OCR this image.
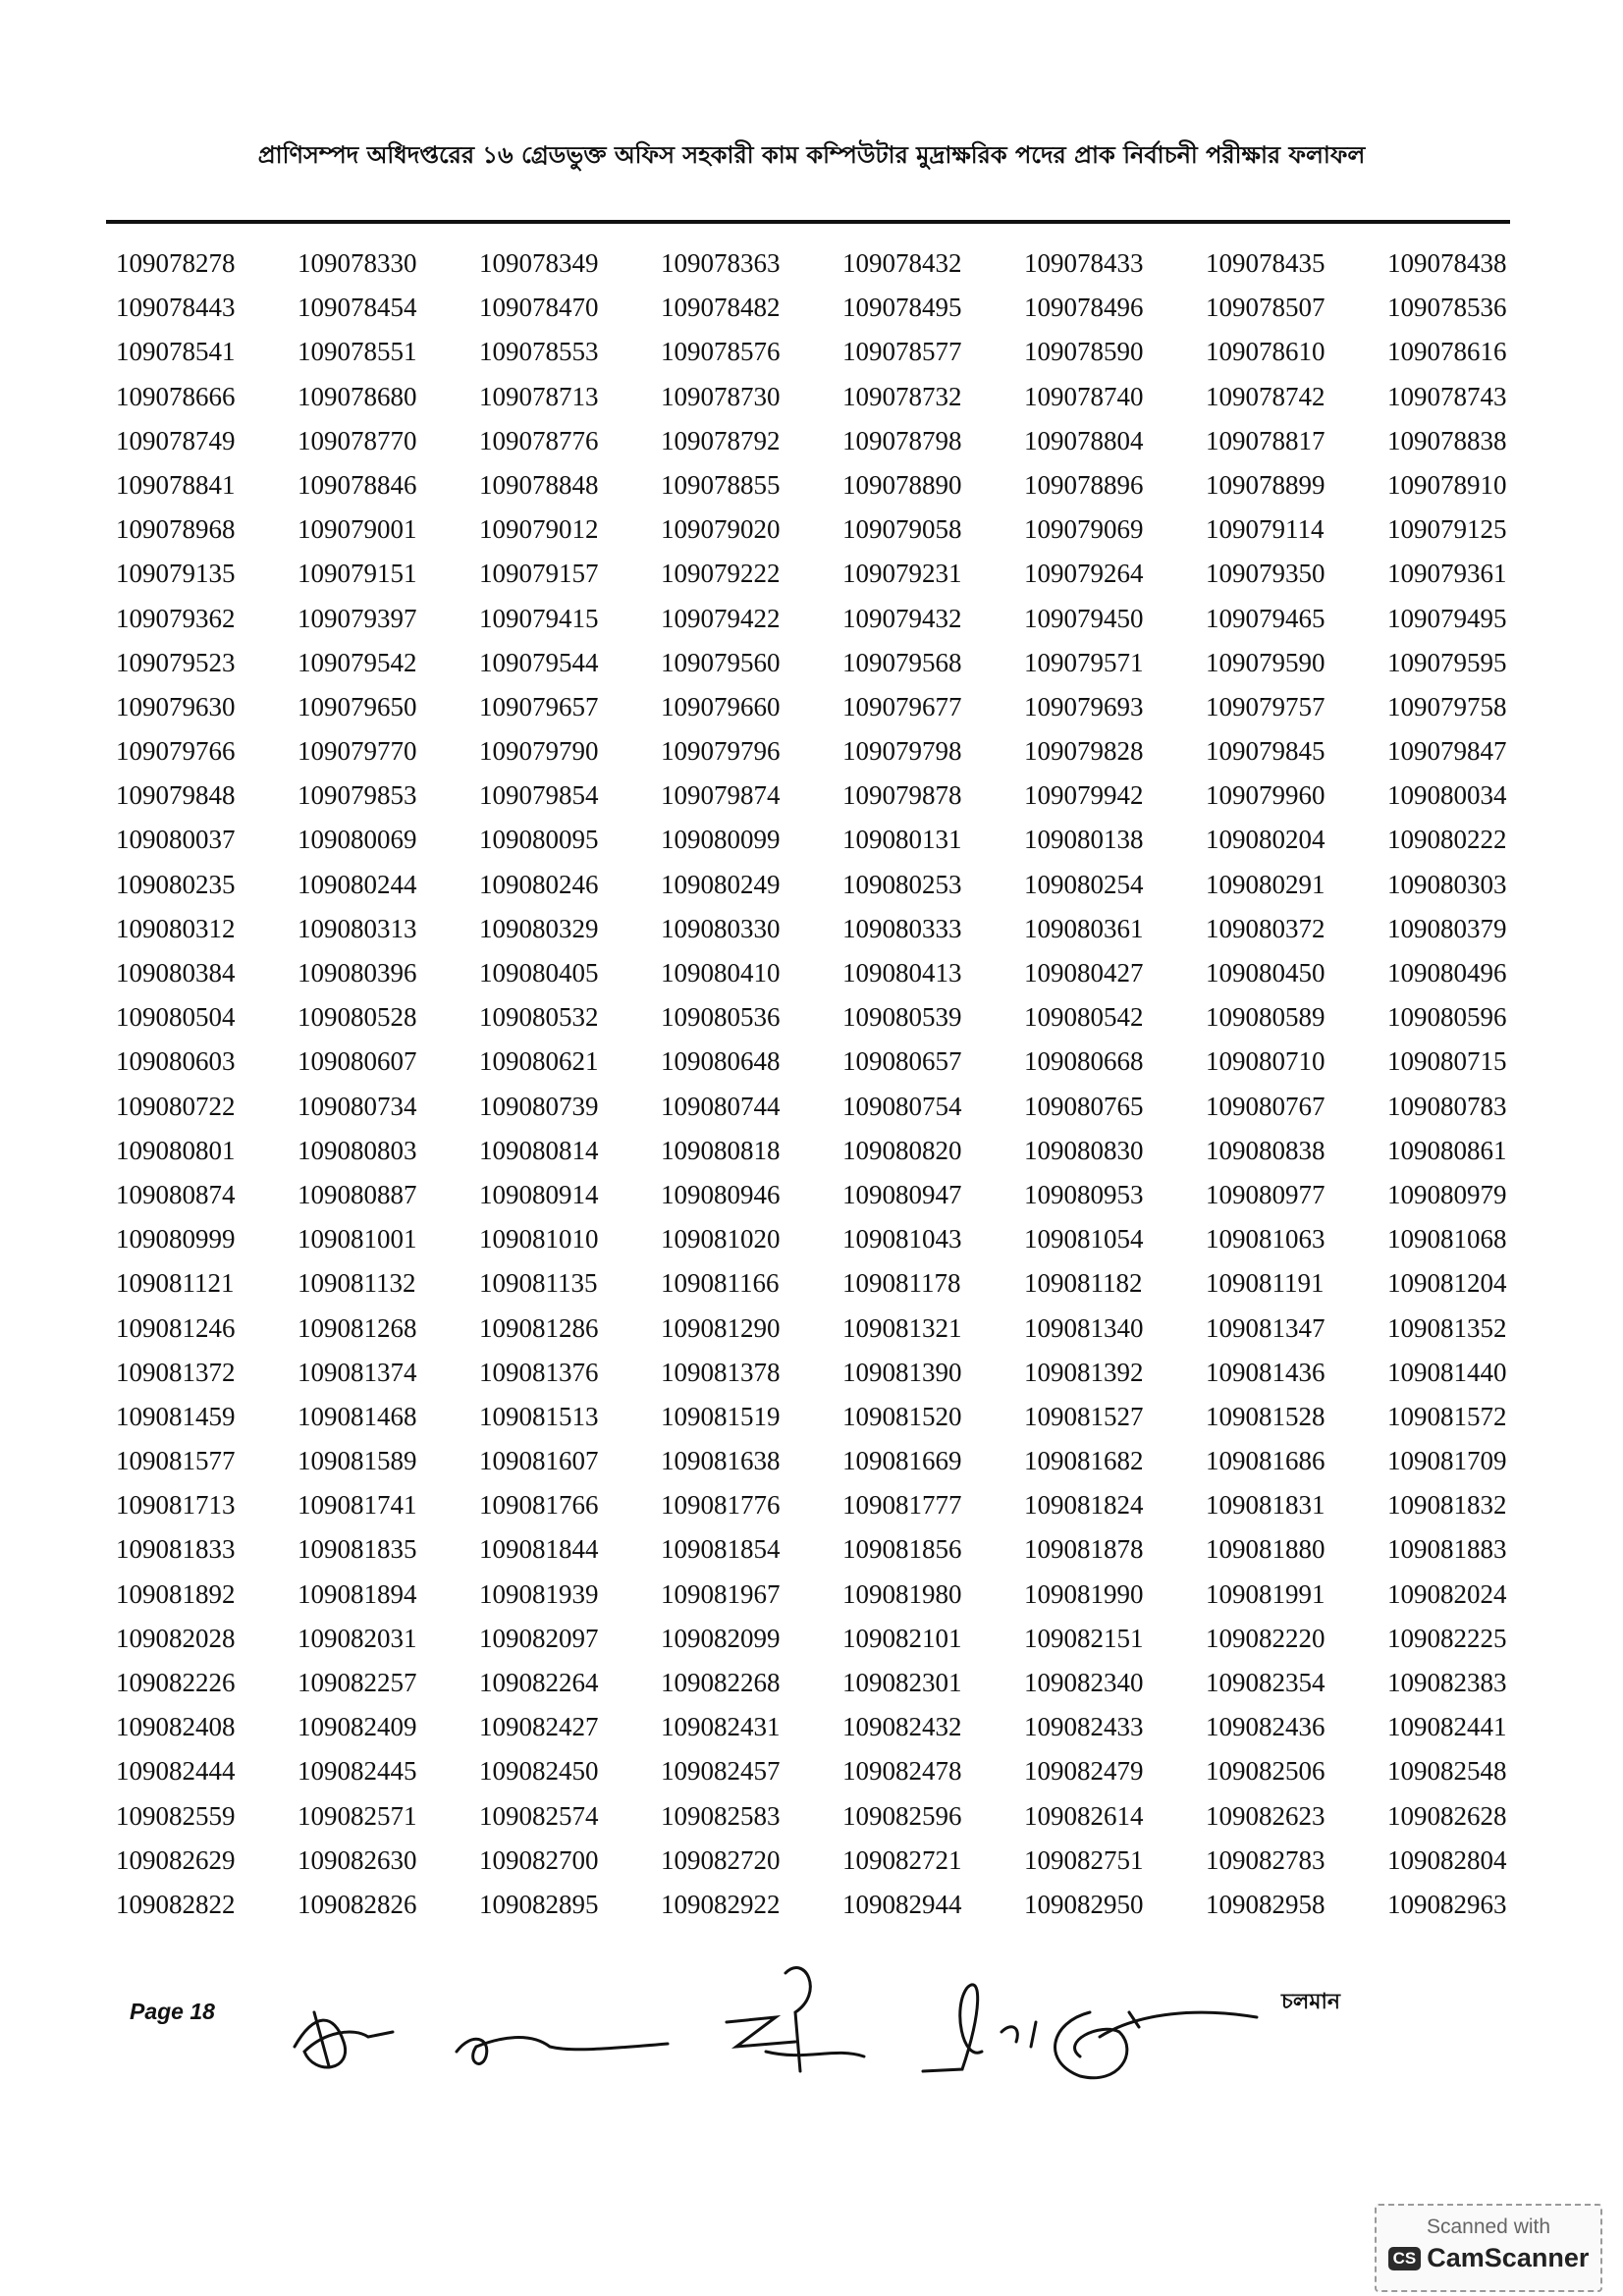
প্রাণিসম্পদ অধিদপ্তরের ১৬ গ্রেডভুক্ত অফিস সহকারী কাম কম্পিউটার মুদ্রাক্ষরিক পদের প্রাক নির্বাচনী পরীক্ষার ফলাফল
109078278	109078330	109078349	109078363	109078432	109078433	109078435	109078438
109078443	109078454	109078470	109078482	109078495	109078496	109078507	109078536
109078541	109078551	109078553	109078576	109078577	109078590	109078610	109078616
109078666	109078680	109078713	109078730	109078732	109078740	109078742	109078743
109078749	109078770	109078776	109078792	109078798	109078804	109078817	109078838
109078841	109078846	109078848	109078855	109078890	109078896	109078899	109078910
109078968	109079001	109079012	109079020	109079058	109079069	109079114	109079125
109079135	109079151	109079157	109079222	109079231	109079264	109079350	109079361
109079362	109079397	109079415	109079422	109079432	109079450	109079465	109079495
109079523	109079542	109079544	109079560	109079568	109079571	109079590	109079595
109079630	109079650	109079657	109079660	109079677	109079693	109079757	109079758
109079766	109079770	109079790	109079796	109079798	109079828	109079845	109079847
109079848	109079853	109079854	109079874	109079878	109079942	109079960	109080034
109080037	109080069	109080095	109080099	109080131	109080138	109080204	109080222
109080235	109080244	109080246	109080249	109080253	109080254	109080291	109080303
109080312	109080313	109080329	109080330	109080333	109080361	109080372	109080379
109080384	109080396	109080405	109080410	109080413	109080427	109080450	109080496
109080504	109080528	109080532	109080536	109080539	109080542	109080589	109080596
109080603	109080607	109080621	109080648	109080657	109080668	109080710	109080715
109080722	109080734	109080739	109080744	109080754	109080765	109080767	109080783
109080801	109080803	109080814	109080818	109080820	109080830	109080838	109080861
109080874	109080887	109080914	109080946	109080947	109080953	109080977	109080979
109080999	109081001	109081010	109081020	109081043	109081054	109081063	109081068
109081121	109081132	109081135	109081166	109081178	109081182	109081191	109081204
109081246	109081268	109081286	109081290	109081321	109081340	109081347	109081352
109081372	109081374	109081376	109081378	109081390	109081392	109081436	109081440
109081459	109081468	109081513	109081519	109081520	109081527	109081528	109081572
109081577	109081589	109081607	109081638	109081669	109081682	109081686	109081709
109081713	109081741	109081766	109081776	109081777	109081824	109081831	109081832
109081833	109081835	109081844	109081854	109081856	109081878	109081880	109081883
109081892	109081894	109081939	109081967	109081980	109081990	109081991	109082024
109082028	109082031	109082097	109082099	109082101	109082151	109082220	109082225
109082226	109082257	109082264	109082268	109082301	109082340	109082354	109082383
109082408	109082409	109082427	109082431	109082432	109082433	109082436	109082441
109082444	109082445	109082450	109082457	109082478	109082479	109082506	109082548
109082559	109082571	109082574	109082583	109082596	109082614	109082623	109082628
109082629	109082630	109082700	109082720	109082721	109082751	109082783	109082804
109082822	109082826	109082895	109082922	109082944	109082950	109082958	109082963
Page 18	চলমান
Scanned with
CS CamScanner
